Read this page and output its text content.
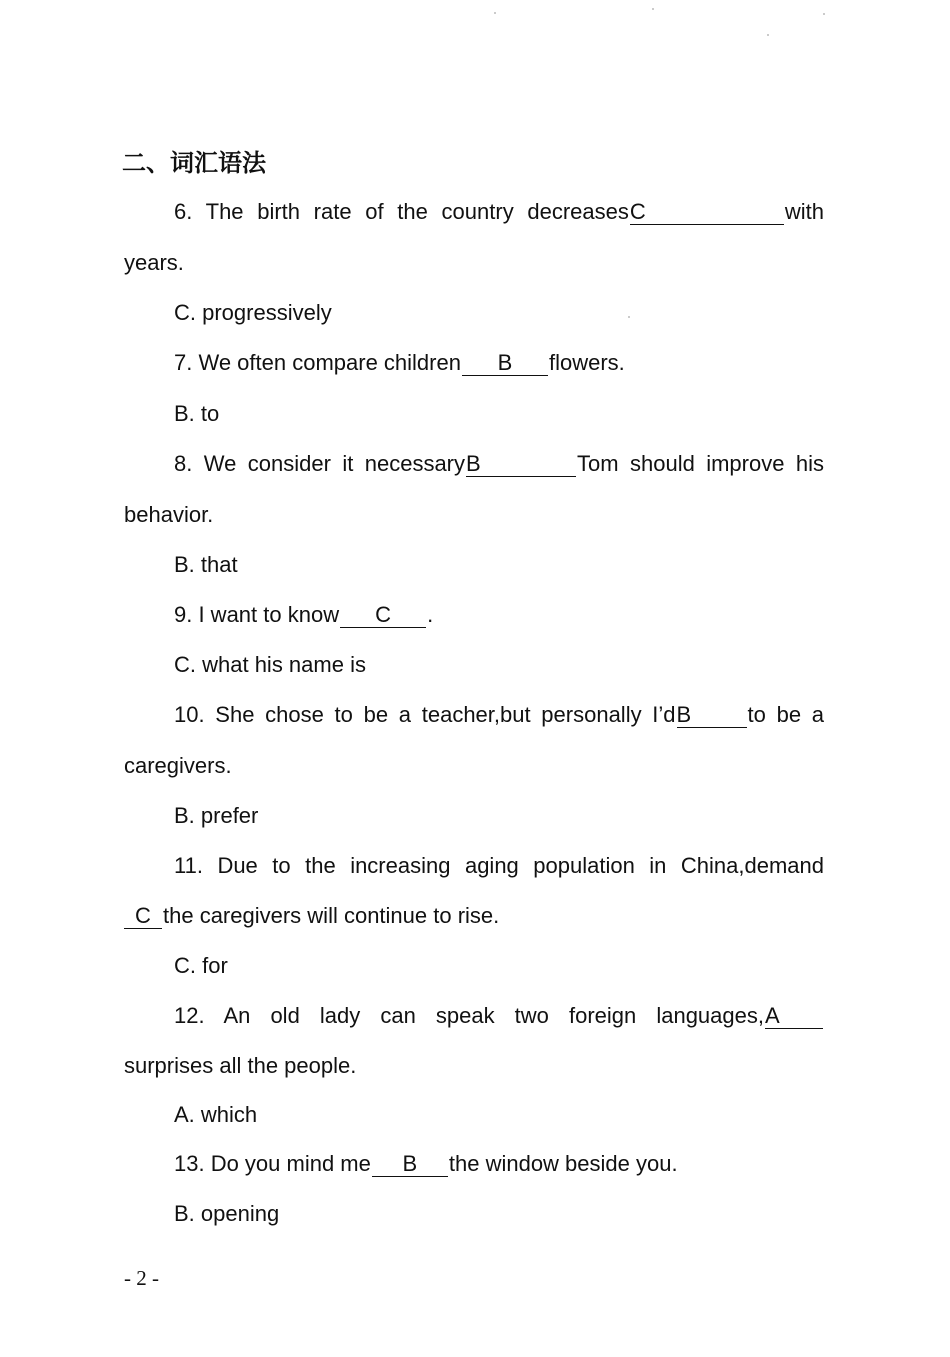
二、词汇语法
6. The birth rate of the country decreasesC	with
years.
C. progressively
7. We often compare children B flowers.
B. to
8. We consider it necessaryB	Tom should improve his
behavior.
B. that
9. I want to know C .
C. what his name is
10. She chose to be a teacher,but personally I’dB	to be a
caregivers.
B. prefer
11. Due to the increasing aging population in China,demand
C the caregivers will continue to rise.
C. for
12. An old lady can speak two foreign languages,A
surprises all the people.
A. which
13. Do you mind me B the window beside you.
B. opening
- 2 -
